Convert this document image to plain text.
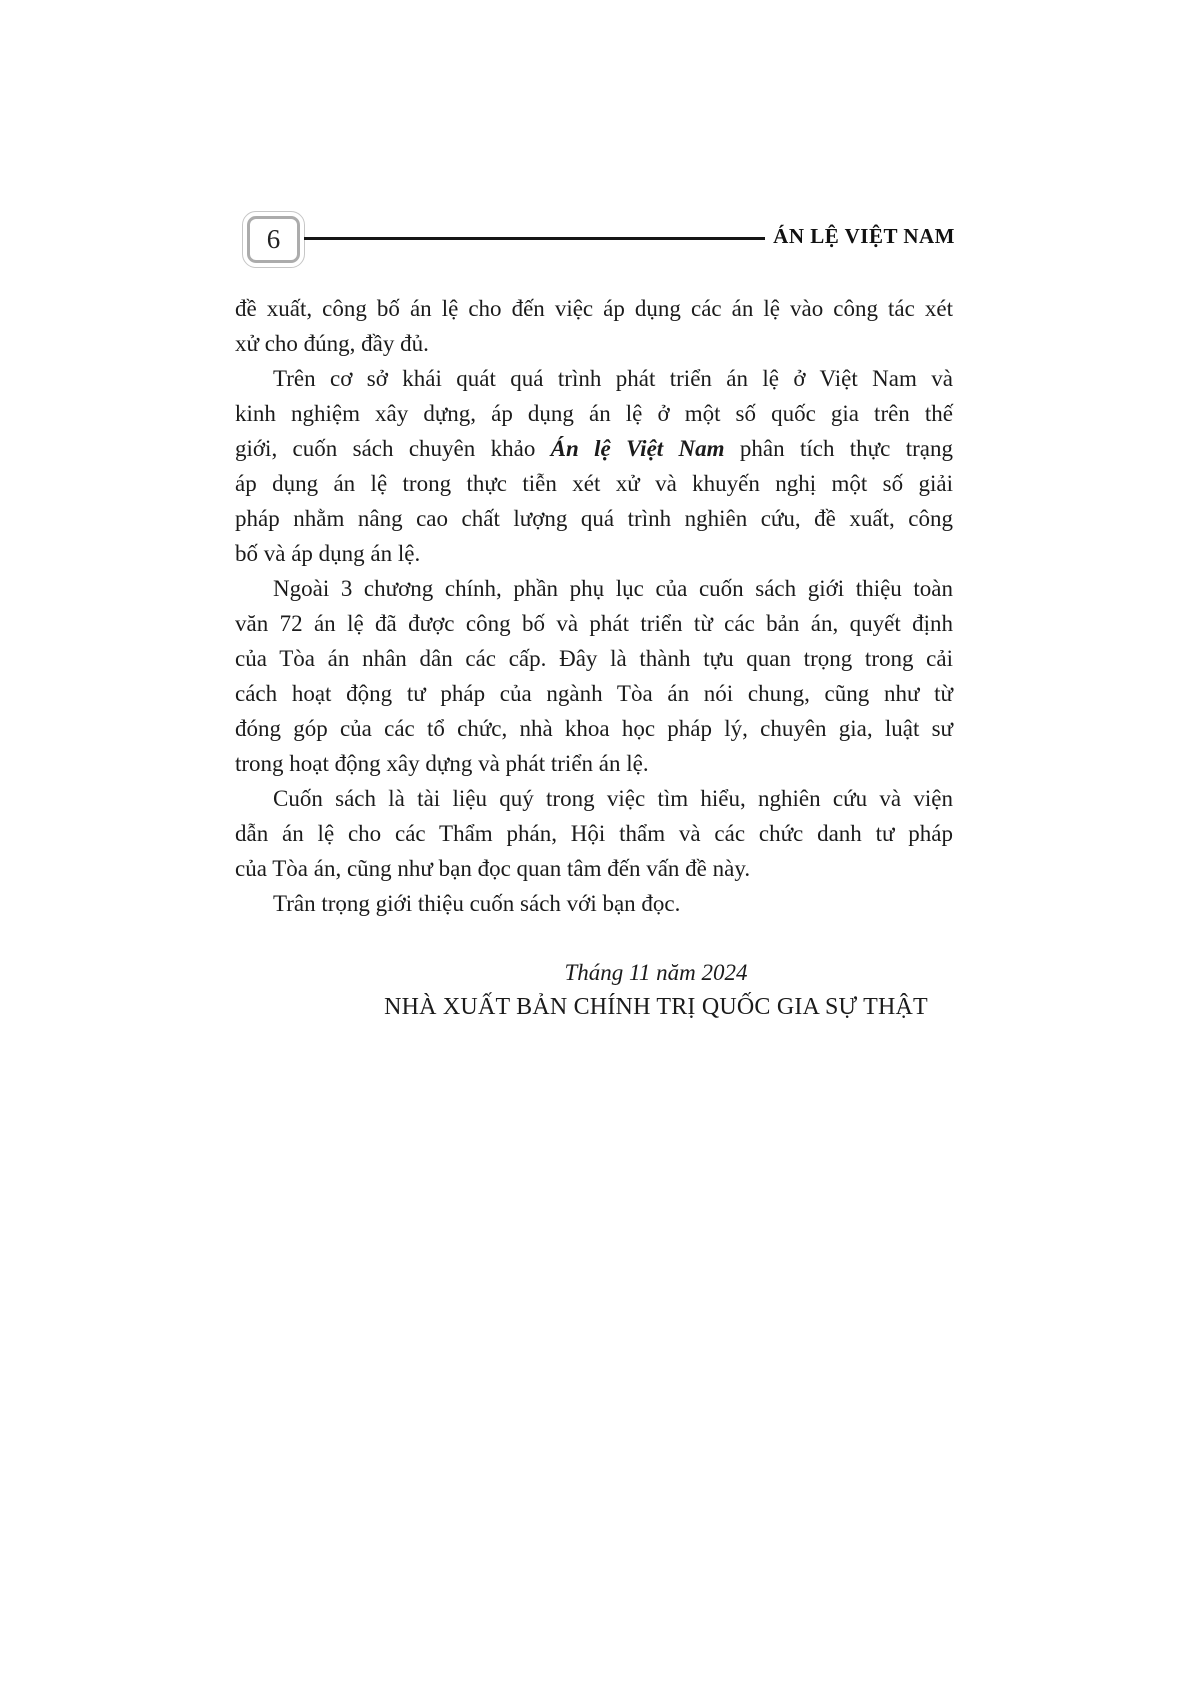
6	ÁN LỆ VIỆT NAM
đề xuất, công bố án lệ cho đến việc áp dụng các án lệ vào công tác xét
xử cho đúng, đầy đủ.
Trên cơ sở khái quát quá trình phát triển án lệ ở Việt Nam và
kinh nghiệm xây dựng, áp dụng án lệ ở một số quốc gia trên thế
giới, cuốn sách chuyên khảo Án lệ Việt Nam phân tích thực trạng
áp dụng án lệ trong thực tiễn xét xử và khuyến nghị một số giải
pháp nhằm nâng cao chất lượng quá trình nghiên cứu, đề xuất, công
bố và áp dụng án lệ.
Ngoài 3 chương chính, phần phụ lục của cuốn sách giới thiệu toàn
văn 72 án lệ đã được công bố và phát triển từ các bản án, quyết định
của Tòa án nhân dân các cấp. Đây là thành tựu quan trọng trong cải
cách hoạt động tư pháp của ngành Tòa án nói chung, cũng như từ
đóng góp của các tổ chức, nhà khoa học pháp lý, chuyên gia, luật sư
trong hoạt động xây dựng và phát triển án lệ.
Cuốn sách là tài liệu quý trong việc tìm hiểu, nghiên cứu và viện
dẫn án lệ cho các Thẩm phán, Hội thẩm và các chức danh tư pháp
của Tòa án, cũng như bạn đọc quan tâm đến vấn đề này.
Trân trọng giới thiệu cuốn sách với bạn đọc.
Tháng 11 năm 2024
NHÀ XUẤT BẢN CHÍNH TRỊ QUỐC GIA SỰ THẬT
